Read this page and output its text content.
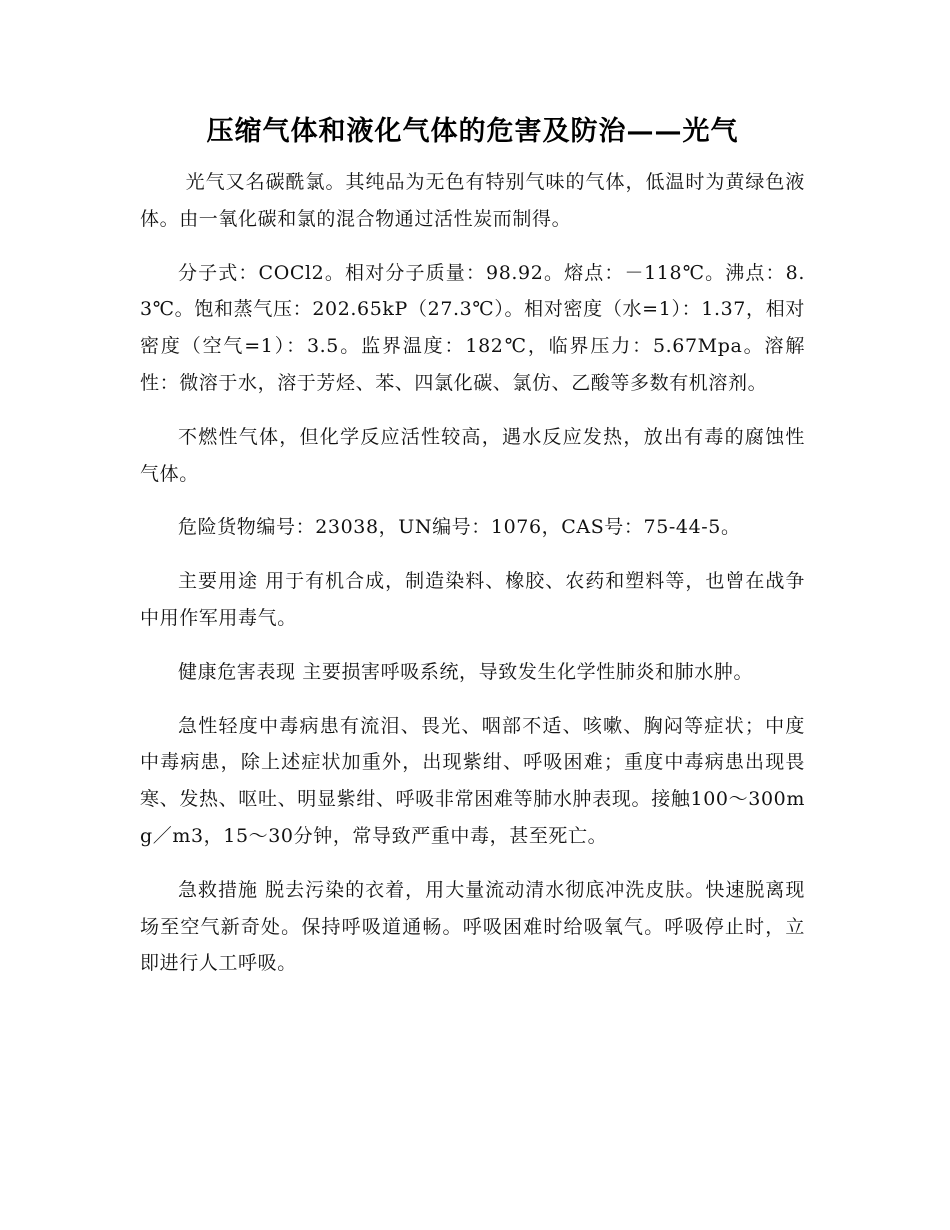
压缩气体和液化气体的危害及防治——光气

光气又名碳酰氯。其纯品为无色有特别气味的气体，低温时为黄绿色液体。由一氧化碳和氯的混合物通过活性炭而制得。

分子式：COCl2。相对分子质量：98.92。熔点：－118℃。沸点：8.3℃。饱和蒸气压：202.65kP（27.3℃）。相对密度（水=1）：1.37，相对密度（空气=1）：3.5。监界温度：182℃，临界压力：5.67Mpa。溶解性：微溶于水，溶于芳烃、苯、四氯化碳、氯仿、乙酸等多数有机溶剂。

不燃性气体，但化学反应活性较高，遇水反应发热，放出有毒的腐蚀性气体。

危险货物编号：23038，UN编号：1076，CAS号：75-44-5。

主要用途 用于有机合成，制造染料、橡胶、农药和塑料等，也曾在战争中用作军用毒气。

健康危害表现 主要损害呼吸系统，导致发生化学性肺炎和肺水肿。

急性轻度中毒病患有流泪、畏光、咽部不适、咳嗽、胸闷等症状；中度中毒病患，除上述症状加重外，出现紫绀、呼吸困难；重度中毒病患出现畏寒、发热、呕吐、明显紫绀、呼吸非常困难等肺水肿表现。接触100～300mg／m3，15～30分钟，常导致严重中毒，甚至死亡。

急救措施 脱去污染的衣着，用大量流动清水彻底冲洗皮肤。快速脱离现场至空气新奇处。保持呼吸道通畅。呼吸困难时给吸氧气。呼吸停止时，立即进行人工呼吸。
